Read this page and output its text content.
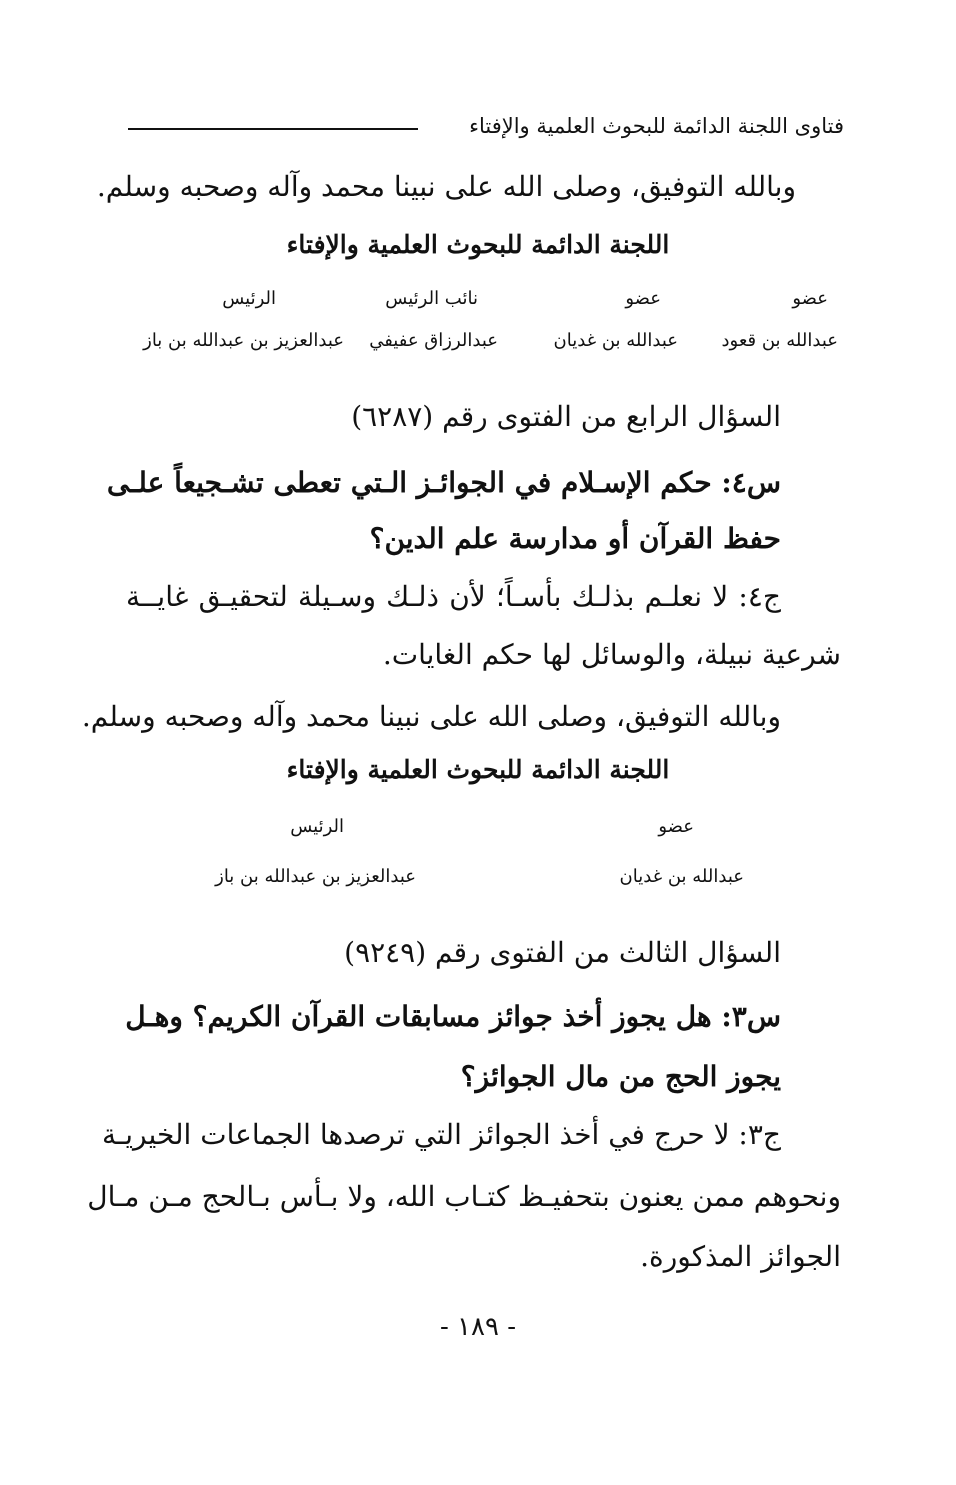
فتاوى اللجنة الدائمة للبحوث العلمية والإفتاء
وبالله التوفيق، وصلى الله على نبينا محمد وآله وصحبه وسلم.
اللجنة الدائمة للبحوث العلمية والإفتاء
عضو
عضو
نائب الرئيس
الرئيس
عبدالله بن قعود
عبدالله بن غديان
عبدالرزاق عفيفي
عبدالعزيز بن عبدالله بن باز
السؤال الرابع من الفتوى رقم (٦٢٨٧)
س٤: حكم الإسـلام في الجوائـز الـتي تعطى تشـجيعاً علـى
حفظ القرآن أو مدارسة علم الدين؟
ج٤: لا نعلـم بذلـك بأسـاً؛ لأن ذلـك وسـيلة لتحقيـق غايــة
شرعية نبيلة، والوسائل لها حكم الغايات.
وبالله التوفيق، وصلى الله على نبينا محمد وآله وصحبه وسلم.
اللجنة الدائمة للبحوث العلمية والإفتاء
عضو
الرئيس
عبدالله بن غديان
عبدالعزيز بن عبدالله بن باز
السؤال الثالث من الفتوى رقم (٩٢٤٩)
س٣: هل يجوز أخذ جوائز مسابقات القرآن الكريم؟ وهـل
يجوز الحج من مال الجوائز؟
ج٣: لا حرج في أخذ الجوائز التي ترصدها الجماعات الخيريـة
ونحوهم ممن يعنون بتحفيـظ كتـاب الله، ولا بـأس بـالحج مـن مـال
الجوائز المذكورة.
- ١٨٩ -
